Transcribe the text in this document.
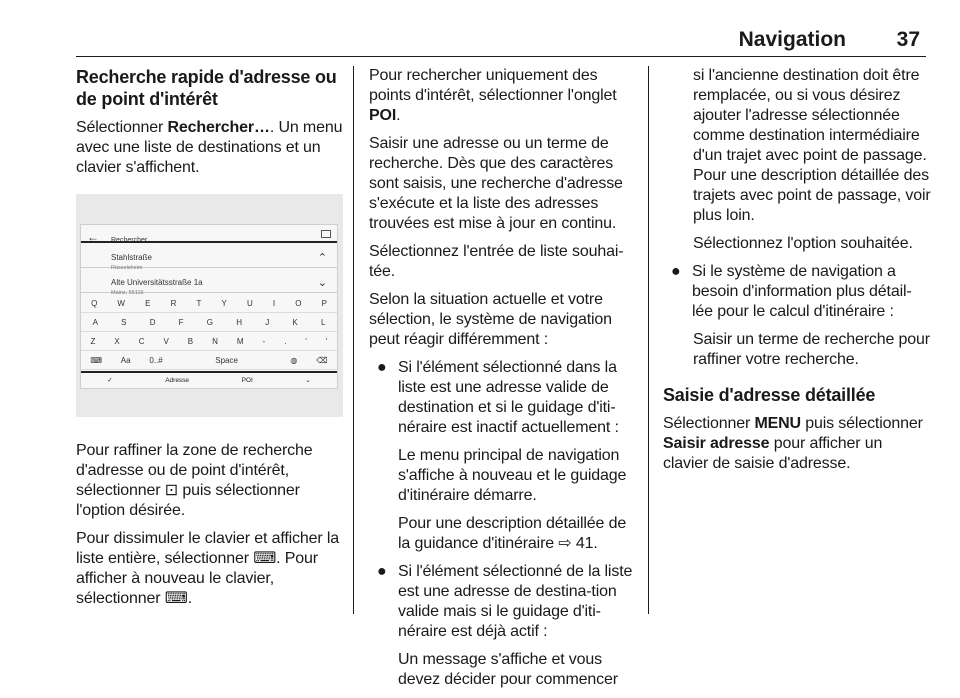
Navigation 37
Recherche rapide d'adresse ou de point d'intérêt

Sélectionner Rechercher…. Un menu avec une liste de destinations et un clavier s'affichent.

← Rechercher…
Stahlstraße
Rüsselsheim
⌃
Alte Universitätsstraße 1a
Mainz, 55116
⌄
Q	W	E	R	T	Y	U	I	O	P
A	S	D	F	G	H	J	K	L
Z X C V B N M - . ' '
⌨ Aa 0..#	Space	◍ ⌫
✓	Adresse	POI	⌄

Pour raffiner la zone de recherche d'adresse ou de point d'intérêt, sélectionner ⊡ puis sélectionner l'option désirée.

Pour dissimuler le clavier et afficher la liste entière, sélectionner ⌨. Pour afficher à nouveau le clavier, sélectionner ⌨.

Pour rechercher uniquement des points d'intérêt, sélectionner l'onglet POI.

Saisir une adresse ou un terme de recherche. Dès que des caractères sont saisis, une recherche d'adresse s'exécute et la liste des adresses trouvées est mise à jour en continu.

Sélectionnez l'entrée de liste souhai-tée.

Selon la situation actuelle et votre sélection, le système de navigation peut réagir différemment :

● Si l'élément sélectionné dans la liste est une adresse valide de destination et si le guidage d'iti-néraire est inactif actuellement :

Le menu principal de navigation s'affiche à nouveau et le guidage d'itinéraire démarre.

Pour une description détaillée de la guidance d'itinéraire ⇨ 41.

● Si l'élément sélectionné de la liste est une adresse de destina-tion valide mais si le guidage d'iti-néraire est déjà actif :

Un message s'affiche et vous devez décider pour commencer

si l'ancienne destination doit être remplacée, ou si vous désirez ajouter l'adresse sélectionnée comme destination intermédiaire d'un trajet avec point de passage. Pour une description détaillée des trajets avec point de passage, voir plus loin.

Sélectionnez l'option souhaitée.

● Si le système de navigation a besoin d'information plus détail-lée pour le calcul d'itinéraire :

Saisir un terme de recherche pour raffiner votre recherche.

Saisie d'adresse détaillée

Sélectionner MENU puis sélectionner Saisir adresse pour afficher un clavier de saisie d'adresse.
